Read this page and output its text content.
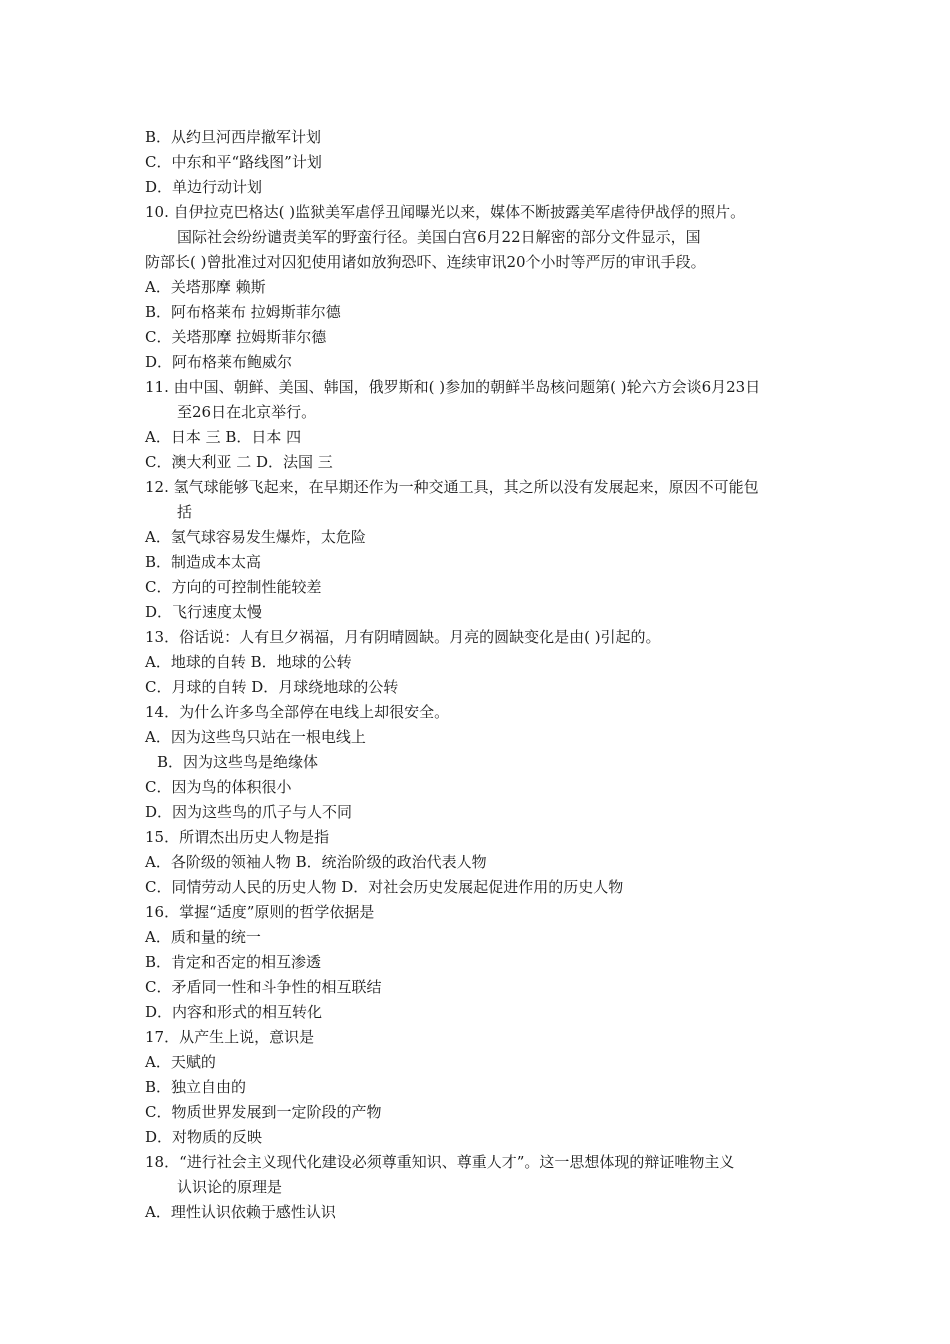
B．从约旦河西岸撤军计划
C．中东和平“路线图”计划
D．单边行动计划
10. 自伊拉克巴格达( )监狱美军虐俘丑闻曝光以来，媒体不断披露美军虐待伊战俘的照片。
国际社会纷纷谴责美军的野蛮行径。美国白宫6月22日解密的部分文件显示，国
防部长( )曾批准过对囚犯使用诸如放狗恐吓、连续审讯20个小时等严厉的审讯手段。
A．关塔那摩 赖斯
B．阿布格莱布 拉姆斯菲尔德
C．关塔那摩 拉姆斯菲尔德
D．阿布格莱布鲍威尔
11. 由中国、朝鲜、美国、韩国，俄罗斯和( )参加的朝鲜半岛核问题第( )轮六方会谈6月23日
至26日在北京举行。
A．日本 三 B．日本 四
C．澳大利亚 二 D．法国 三
12. 氢气球能够飞起来，在早期还作为一种交通工具，其之所以没有发展起来，原因不可能包
括
A．氢气球容易发生爆炸，太危险
B．制造成本太高
C．方向的可控制性能较差
D．飞行速度太慢
13．俗话说：人有旦夕祸福，月有阴晴圆缺。月亮的圆缺变化是由( )引起的。
A．地球的自转 B．地球的公转
C．月球的自转 D．月球绕地球的公转
14．为什么许多鸟全部停在电线上却很安全。
A．因为这些鸟只站在一根电线上
B．因为这些鸟是绝缘体
C．因为鸟的体积很小
D．因为这些鸟的爪子与人不同
15．所谓杰出历史人物是指
A．各阶级的领袖人物 B．统治阶级的政治代表人物
C．同情劳动人民的历史人物 D．对社会历史发展起促进作用的历史人物
16．掌握“适度”原则的哲学依据是
A．质和量的统一
B．肯定和否定的相互渗透
C．矛盾同一性和斗争性的相互联结
D．内容和形式的相互转化
17．从产生上说，意识是
A．天赋的
B．独立自由的
C．物质世界发展到一定阶段的产物
D．对物质的反映
18．“进行社会主义现代化建设必须尊重知识、尊重人才”。这一思想体现的辩证唯物主义
认识论的原理是
A．理性认识依赖于感性认识
